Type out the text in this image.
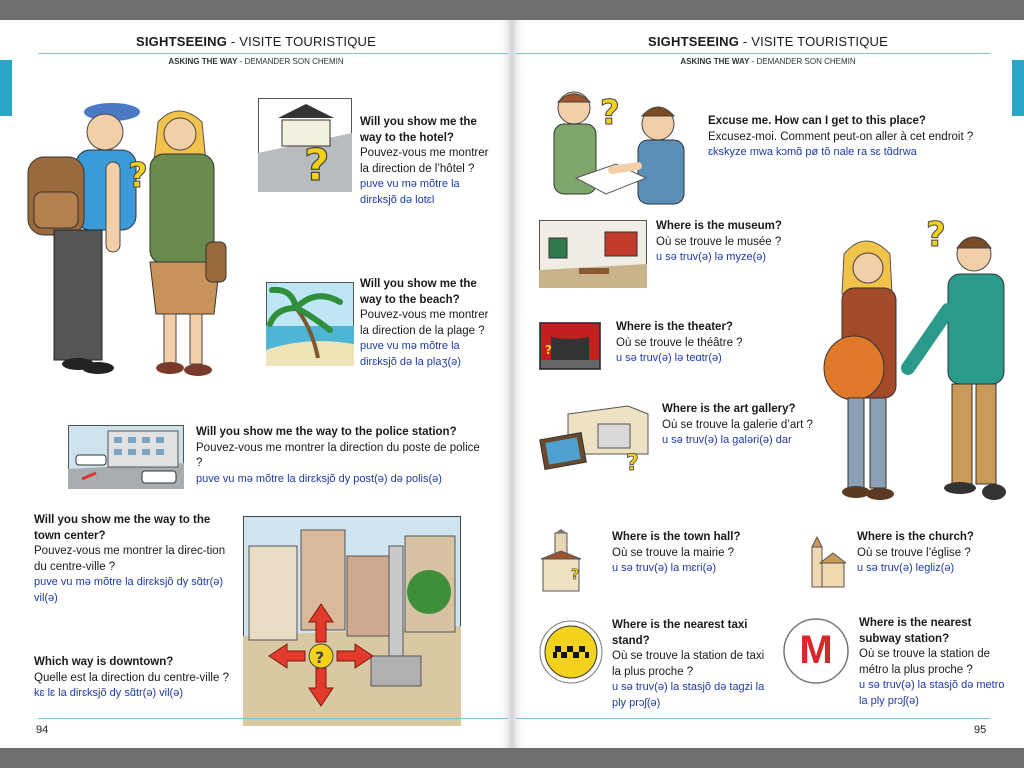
SIGHTSEEING - VISITE TOURISTIQUE
ASKING THE WAY - DEMANDER SON CHEMIN
?	?
Will you show me the way to the hotel?
Pouvez-vous me montrer la direction de l’hôtel ?
puve vu mə mõtre la dirɛksjõ də lotɛl
Will you show me the way to the beach?
Pouvez-vous me montrer la direction de la plage ?
puve vu mə mõtre la dirɛksjõ də la plaʒ(ə)
Will you show me the way to the police station?
Pouvez-vous me montrer la direction du poste de police ?
puve vu mə mõtre la dirɛksjõ dy post(ə) də polis(ə)
Will you show me the way to the town center?
Pouvez-vous me montrer la direc-tion du centre-ville ?
puve vu mə mõtre la dirɛksjõ dy sɑ̃tr(ə) vil(ə)
?
Which way is downtown?
Quelle est la direction du centre-ville ?
kɛ lɛ la dirɛksjõ dy sɑ̃tr(ə) vil(ə)
94
SIGHTSEEING - VISITE TOURISTIQUE
ASKING THE WAY - DEMANDER SON CHEMIN
?	Excuse me. How can I get to this place?
Excusez-moi. Comment peut-on aller à cet endroit ?
ɛkskyze mwa kɔmɑ̃ pø tõ nale ra sɛ tɑ̃drwa
Where is the museum?
Où se trouve le musée ?
u sə truv(ə) lə myze(ə)
?
Where is the theater?
Où se trouve le théâtre ?
u sə truv(ə) lə teɑtr(ə)
?
Where is the art gallery?
Où se trouve la galerie d’art ?
u sə truv(ə) la galəri(ə) dar
?
?
Where is the town hall?
Où se trouve la mairie ?
u sə truv(ə) la mɛri(ə)
Where is the church?
Où se trouve l’église ?
u sə truv(ə) legliz(ə)
Where is the nearest taxi stand?
Où se trouve la station de taxi la plus proche ?
u sə truv(ə) la stasjõ də tagzi la ply prɔʃ(ə)
M
Where is the nearest subway station?
Où se trouve la station de métro la plus proche ?
u sə truv(ə) la stasjõ də metro la ply prɔʃ(ə)
95
